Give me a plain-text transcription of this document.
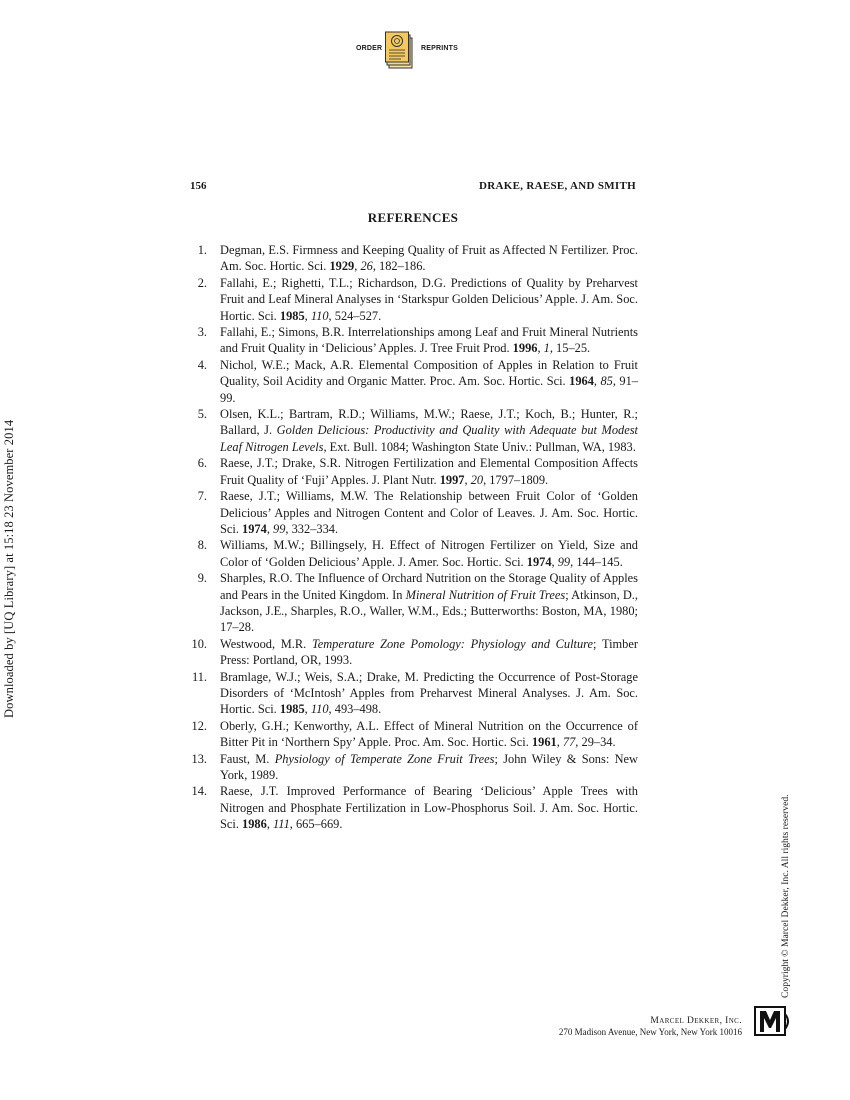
ORDER	REPRINTS
156	DRAKE, RAESE, AND SMITH
REFERENCES
1. Degman, E.S. Firmness and Keeping Quality of Fruit as Affected N Fertilizer. Proc. Am. Soc. Hortic. Sci. 1929, 26, 182–186.
2. Fallahi, E.; Righetti, T.L.; Richardson, D.G. Predictions of Quality by Preharvest Fruit and Leaf Mineral Analyses in ‘Starkspur Golden Delicious’ Apple. J. Am. Soc. Hortic. Sci. 1985, 110, 524–527.
3. Fallahi, E.; Simons, B.R. Interrelationships among Leaf and Fruit Mineral Nutrients and Fruit Quality in ‘Delicious’ Apples. J. Tree Fruit Prod. 1996, 1, 15–25.
4. Nichol, W.E.; Mack, A.R. Elemental Composition of Apples in Relation to Fruit Quality, Soil Acidity and Organic Matter. Proc. Am. Soc. Hortic. Sci. 1964, 85, 91–99.
5. Olsen, K.L.; Bartram, R.D.; Williams, M.W.; Raese, J.T.; Koch, B.; Hunter, R.; Ballard, J. Golden Delicious: Productivity and Quality with Adequate but Modest Leaf Nitrogen Levels, Ext. Bull. 1084; Washington State Univ.: Pullman, WA, 1983.
6. Raese, J.T.; Drake, S.R. Nitrogen Fertilization and Elemental Composition Affects Fruit Quality of ‘Fuji’ Apples. J. Plant Nutr. 1997, 20, 1797–1809.
7. Raese, J.T.; Williams, M.W. The Relationship between Fruit Color of ‘Golden Delicious’ Apples and Nitrogen Content and Color of Leaves. J. Am. Soc. Hortic. Sci. 1974, 99, 332–334.
8. Williams, M.W.; Billingsely, H. Effect of Nitrogen Fertilizer on Yield, Size and Color of ‘Golden Delicious’ Apple. J. Amer. Soc. Hortic. Sci. 1974, 99, 144–145.
9. Sharples, R.O. The Influence of Orchard Nutrition on the Storage Quality of Apples and Pears in the United Kingdom. In Mineral Nutrition of Fruit Trees; Atkinson, D., Jackson, J.E., Sharples, R.O., Waller, W.M., Eds.; Butterworths: Boston, MA, 1980; 17–28.
10. Westwood, M.R. Temperature Zone Pomology: Physiology and Culture; Timber Press: Portland, OR, 1993.
11. Bramlage, W.J.; Weis, S.A.; Drake, M. Predicting the Occurrence of Post-Storage Disorders of ‘McIntosh’ Apples from Preharvest Mineral Analyses. J. Am. Soc. Hortic. Sci. 1985, 110, 493–498.
12. Oberly, G.H.; Kenworthy, A.L. Effect of Mineral Nutrition on the Occurrence of Bitter Pit in ‘Northern Spy’ Apple. Proc. Am. Soc. Hortic. Sci. 1961, 77, 29–34.
13. Faust, M. Physiology of Temperate Zone Fruit Trees; John Wiley & Sons: New York, 1989.
14. Raese, J.T. Improved Performance of Bearing ‘Delicious’ Apple Trees with Nitrogen and Phosphate Fertilization in Low-Phosphorus Soil. J. Am. Soc. Hortic. Sci. 1986, 111, 665–669.
Downloaded by [UQ Library] at 15:18 23 November 2014
Copyright © Marcel Dekker, Inc. All rights reserved.
Marcel Dekker, Inc.
270 Madison Avenue, New York, New York 10016
